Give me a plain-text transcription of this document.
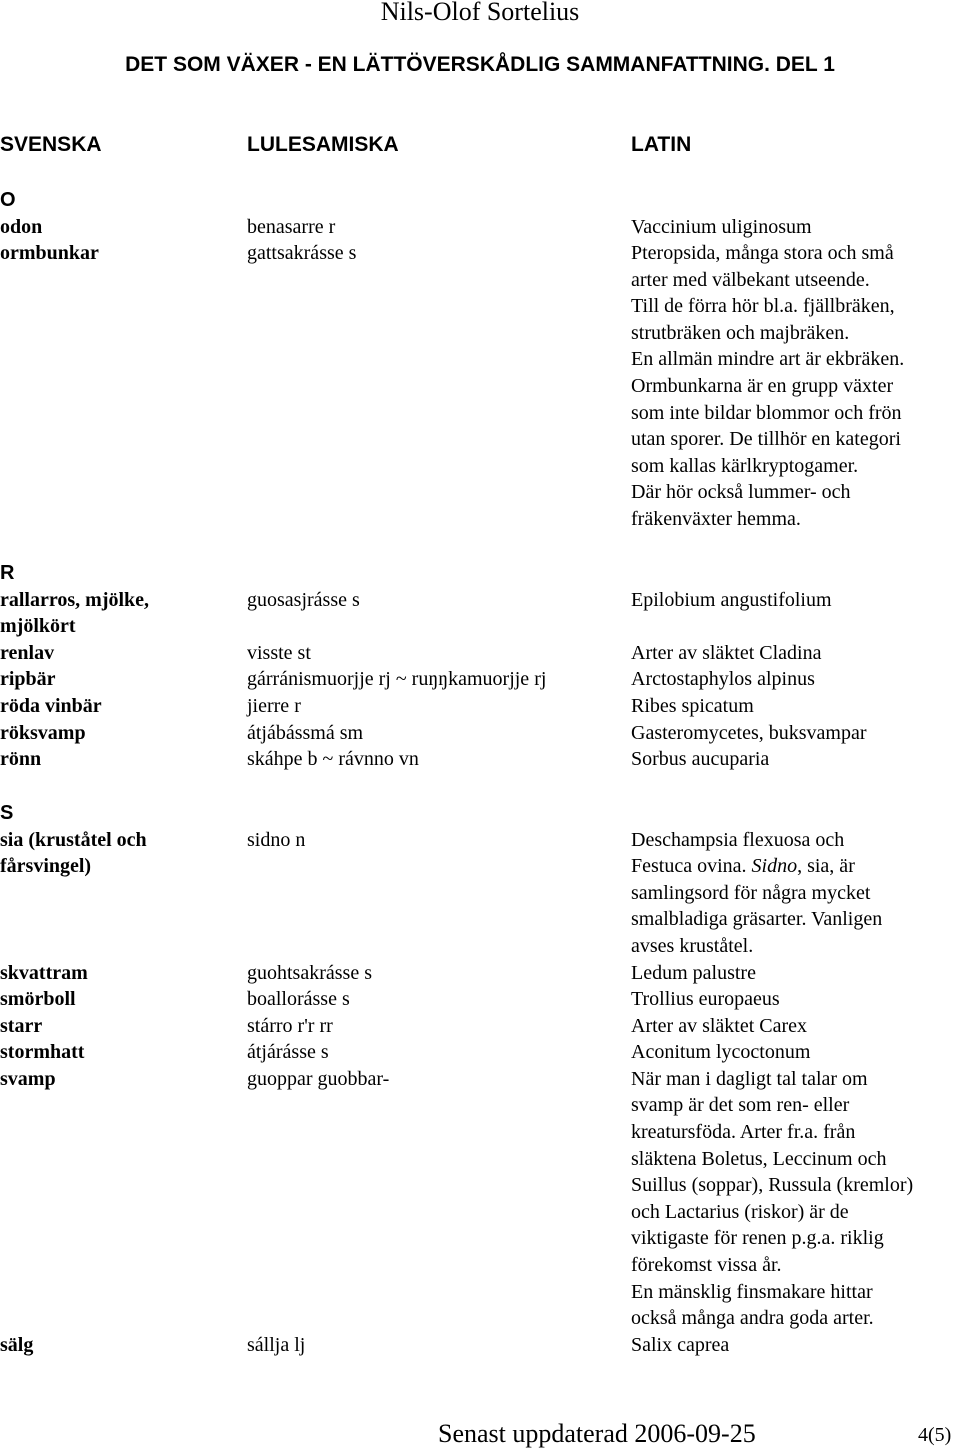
Nils-Olof Sortelius
DET SOM VÄXER - EN LÄTTÖVERSKÅDLIG SAMMANFATTNING. DEL 1
SVENSKA	LULESAMISKA	LATIN
O
odon	benasarre r	Vaccinium uliginosum
ormbunkar	gattsakrásse s	Pteropsida, många stora och små
arter med välbekant utseende.
Till de förra hör bl.a. fjällbräken,
strutbräken och majbräken.
En allmän mindre art är ekbräken.
Ormbunkarna är en grupp växter
som inte bildar blommor och frön
utan sporer. De tillhör en kategori
som kallas kärlkryptogamer.
Där hör också lummer- och
fräkenväxter hemma.
R
rallarros, mjölke,
mjölkört
guosasjrásse s	Epilobium angustifolium
renlav	visste st	Arter av släktet Cladina
ripbär	gárránismuorjje rj ~ ruŋŋkamuorjje rj	Arctostaphylos alpinus
röda vinbär	jierre r	Ribes spicatum
röksvamp	átjábássmá sm	Gasteromycetes, buksvampar
rönn	skáhpe b ~ rávnno vn	Sorbus aucuparia
S
sia (kruståtel och
fårsvingel)
sidno n	Deschampsia flexuosa och
Festuca ovina. Sidno, sia, är
samlingsord för några mycket
smalbladiga gräsarter. Vanligen
avses kruståtel.
skvattram	guohtsakrásse s	Ledum palustre
smörboll	boallorásse s	Trollius europaeus
starr	stárro r'r rr	Arter av släktet Carex
stormhatt	átjárásse s	Aconitum lycoctonum
svamp	guoppar guobbar-	När man i dagligt tal talar om
svamp är det som ren- eller
kreatursföda. Arter fr.a. från
släktena Boletus, Leccinum och
Suillus (soppar), Russula (kremlor)
och Lactarius (riskor) är de
viktigaste för renen p.g.a. riklig
förekomst vissa år.
En mänsklig finsmakare hittar
också många andra goda arter.
sälg	sállja lj	Salix caprea
Senast uppdaterad 2006-09-25	4(5)
